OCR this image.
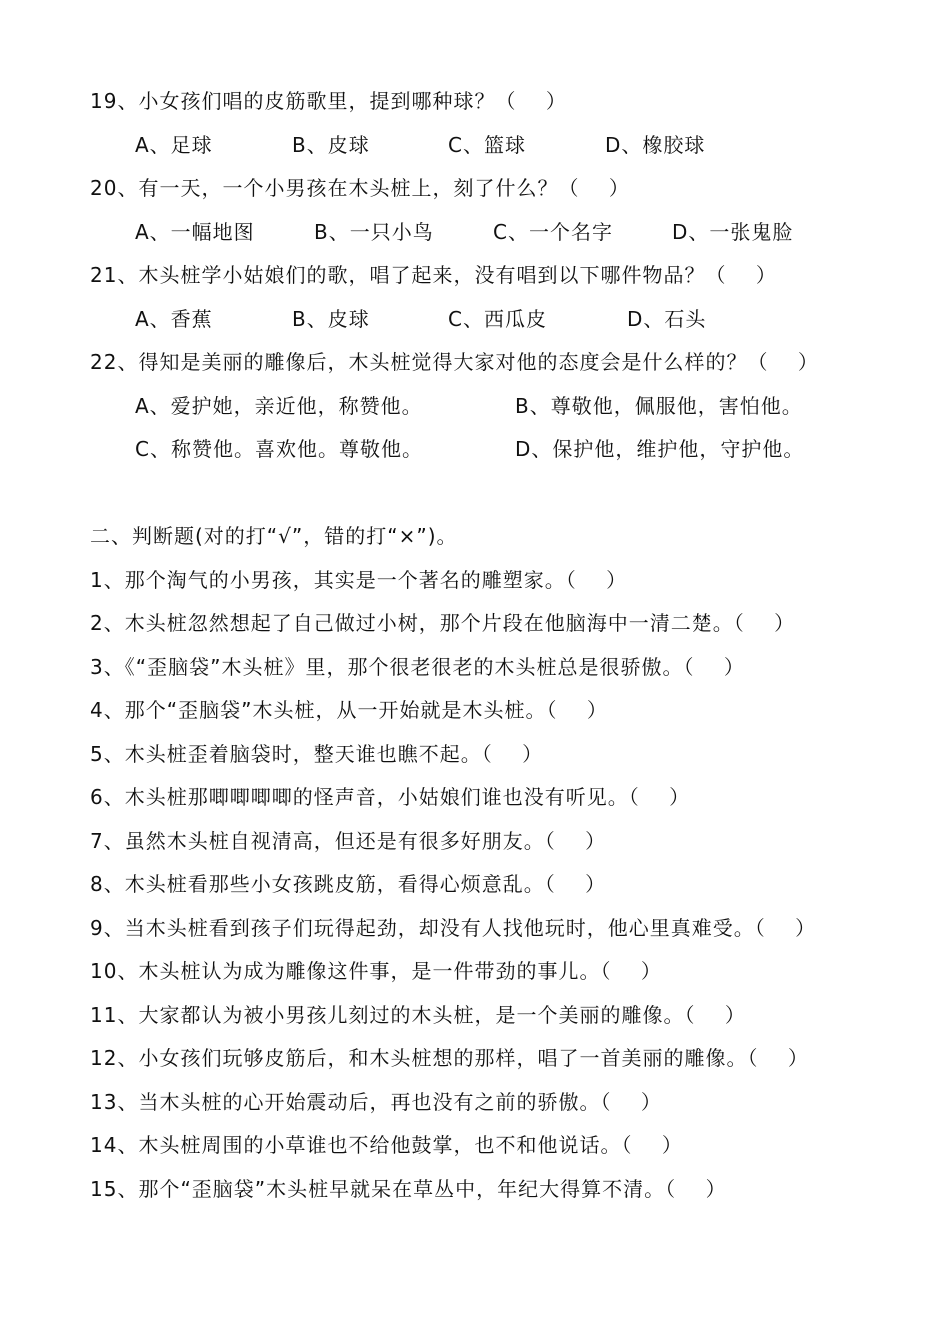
19、小女孩们唱的皮筋歌里，提到哪种球？（    ）
A、足球	B、皮球	C、篮球	D、橡胶球
20、有一天，一个小男孩在木头桩上，刻了什么？（    ）
A、一幅地图	B、一只小鸟	C、一个名字	D、一张鬼脸
21、木头桩学小姑娘们的歌，唱了起来，没有唱到以下哪件物品？（    ）
A、香蕉	B、皮球	C、西瓜皮	D、石头
22、得知是美丽的雕像后，木头桩觉得大家对他的态度会是什么样的？（    ）
A、爱护她，亲近他，称赞他。	B、尊敬他，佩服他，害怕他。
C、称赞他。喜欢他。尊敬他。	D、保护他，维护他，守护他。
二、判断题(对的打“√”，错的打“×”)。
1、那个淘气的小男孩，其实是一个著名的雕塑家。（    ）
2、木头桩忽然想起了自己做过小树，那个片段在他脑海中一清二楚。（    ）
3、《“歪脑袋”木头桩》里，那个很老很老的木头桩总是很骄傲。（    ）
4、那个“歪脑袋”木头桩，从一开始就是木头桩。（    ）
5、木头桩歪着脑袋时，整天谁也瞧不起。（    ）
6、木头桩那唧唧唧唧的怪声音，小姑娘们谁也没有听见。（    ）
7、虽然木头桩自视清高，但还是有很多好朋友。（    ）
8、木头桩看那些小女孩跳皮筋，看得心烦意乱。（    ）
9、当木头桩看到孩子们玩得起劲，却没有人找他玩时，他心里真难受。（    ）
10、木头桩认为成为雕像这件事，是一件带劲的事儿。（    ）
11、大家都认为被小男孩儿刻过的木头桩，是一个美丽的雕像。（    ）
12、小女孩们玩够皮筋后，和木头桩想的那样，唱了一首美丽的雕像。（    ）
13、当木头桩的心开始震动后，再也没有之前的骄傲。（    ）
14、木头桩周围的小草谁也不给他鼓掌，也不和他说话。（    ）
15、那个“歪脑袋”木头桩早就呆在草丛中，年纪大得算不清。（    ）
